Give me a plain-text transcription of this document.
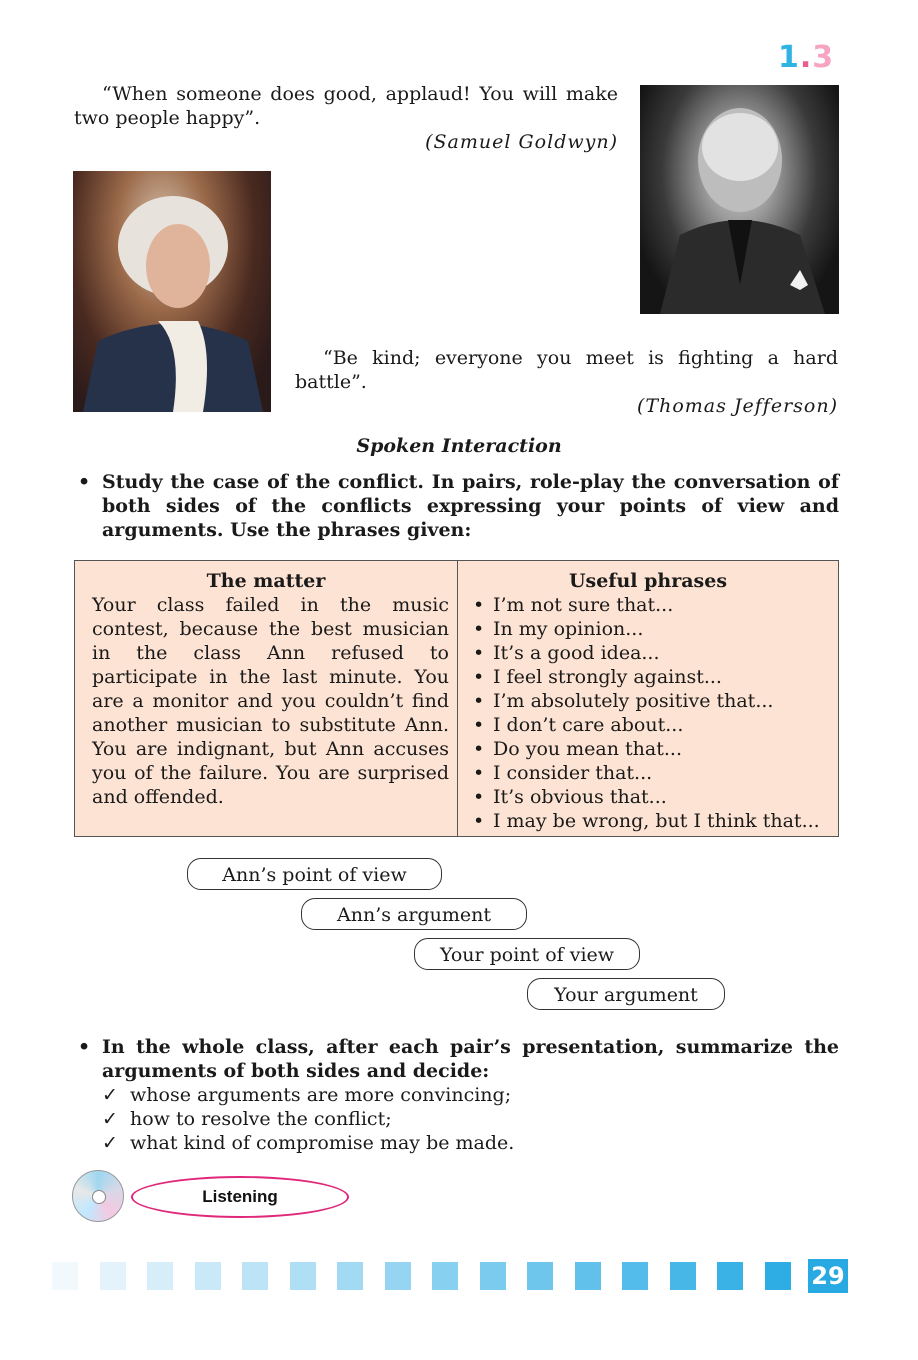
1.3
“When someone does good, applaud! You will make two people happy”.
(Samuel Goldwyn)
“Be kind; everyone you meet is fighting a hard battle”.
(Thomas Jefferson)
Spoken Interaction
• Study the case of the conflict. In pairs, role-play the conversation of both sides of the conflicts expressing your points of view and arguments. Use the phrases given:
The matter
Your class failed in the music contest, because the best musician in the class Ann refused to participate in the last minute. You are a monitor and you couldn’t find another musician to substitute Ann. You are indignant, but Ann accuses you of the failure. You are surprised and offended.
Useful phrases
• I’m not sure that...
• In my opinion...
• It’s a good idea...
• I feel strongly against...
• I’m absolutely positive that...
• I don’t care about...
• Do you mean that...
• I consider that...
• It’s obvious that...
• I may be wrong, but I think that...
Ann’s point of view
Ann’s argument
Your point of view
Your argument
• In the whole class, after each pair’s presentation, summarize the arguments of both sides and decide:
✓ whose arguments are more convincing;
✓ how to resolve the conflict;
✓ what kind of compromise may be made.
Listening
29
